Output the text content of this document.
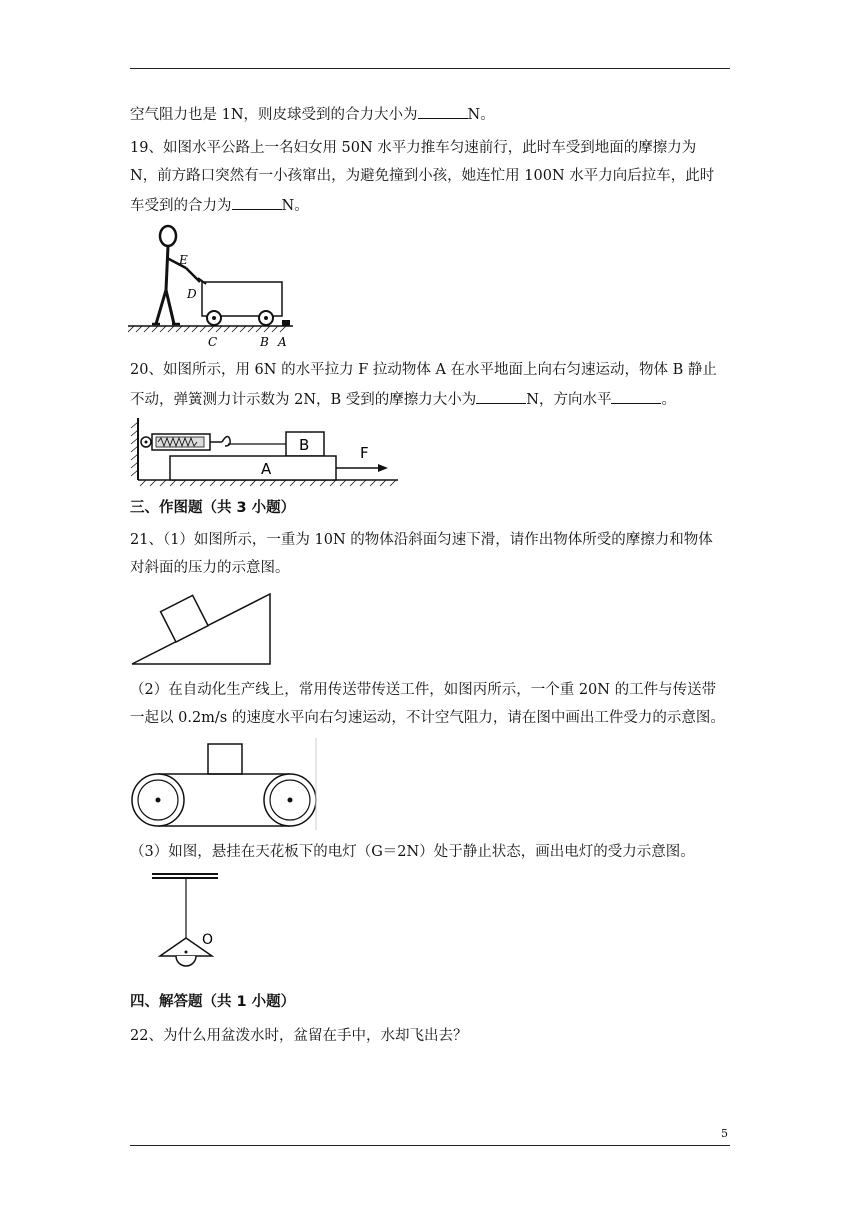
空气阻力也是 1N，则皮球受到的合力大小为	N。
19、如图水平公路上一名妇女用 50N 水平力推车匀速前行，此时车受到地面的摩擦力为
N，前方路口突然有一小孩窜出，为避免撞到小孩，她连忙用 100N 水平力向后拉车，此时
车受到的合力为	N。
E
D
C	B A
20、如图所示，用 6N 的水平拉力 F 拉动物体 A 在水平地面上向右匀速运动，物体 B 静止
不动，弹簧测力计示数为 2N，B 受到的摩擦力大小为	N，方向水平	。
B
A
F
三、作图题（共 3 小题）
21、（1）如图所示，一重为 10N 的物体沿斜面匀速下滑，请作出物体所受的摩擦力和物体
对斜面的压力的示意图。
（2）在自动化生产线上，常用传送带传送工件，如图丙所示，一个重 20N 的工件与传送带
一起以 0.2m/s 的速度水平向右匀速运动，不计空气阻力，请在图中画出工件受力的示意图。
（3）如图，悬挂在天花板下的电灯（G＝2N）处于静止状态，画出电灯的受力示意图。
O
四、解答题（共 1 小题）
22、为什么用盆泼水时，盆留在手中，水却飞出去？
5
